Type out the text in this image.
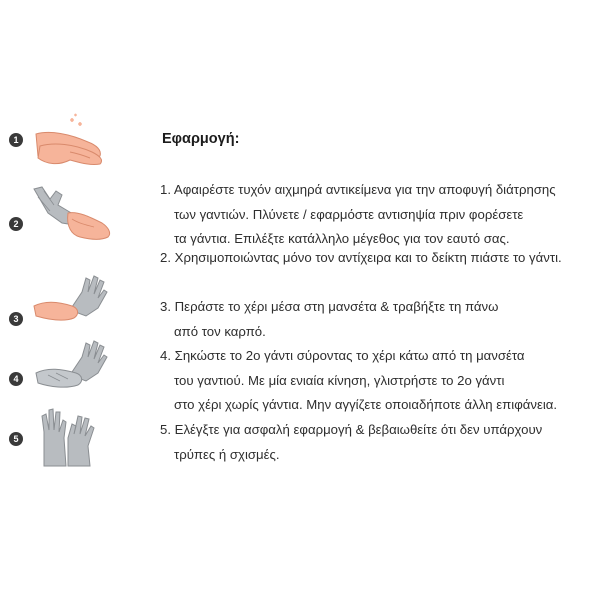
1
2
3
4
5
Εφαρμογή:
1. Αφαιρέστε τυχόν αιχμηρά αντικείμενα για την αποφυγή διάτρησης

των γαντιών. Πλύνετε / εφαρμόστε αντισηψία πριν φορέσετε
τα γάντια. Επιλέξτε κατάλληλο μέγεθος για τον εαυτό σας.
2. Χρησιμοποιώντας μόνο τον αντίχειρα και το δείκτη πιάστε το γάντι.
3. Περάστε το χέρι μέσα στη μανσέτα & τραβήξτε τη πάνω

από τον καρπό.
4. Σηκώστε το 2ο γάντι σύροντας το χέρι κάτω από τη μανσέτα

του γαντιού. Με μία ενιαία κίνηση, γλιστρήστε το 2ο γάντι
στο χέρι χωρίς γάντια. Μην αγγίζετε οποιαδήποτε άλλη επιφάνεια.
5. Ελέγξτε για ασφαλή εφαρμογή & βεβαιωθείτε ότι δεν υπάρχουν

τρύπες ή σχισμές.
